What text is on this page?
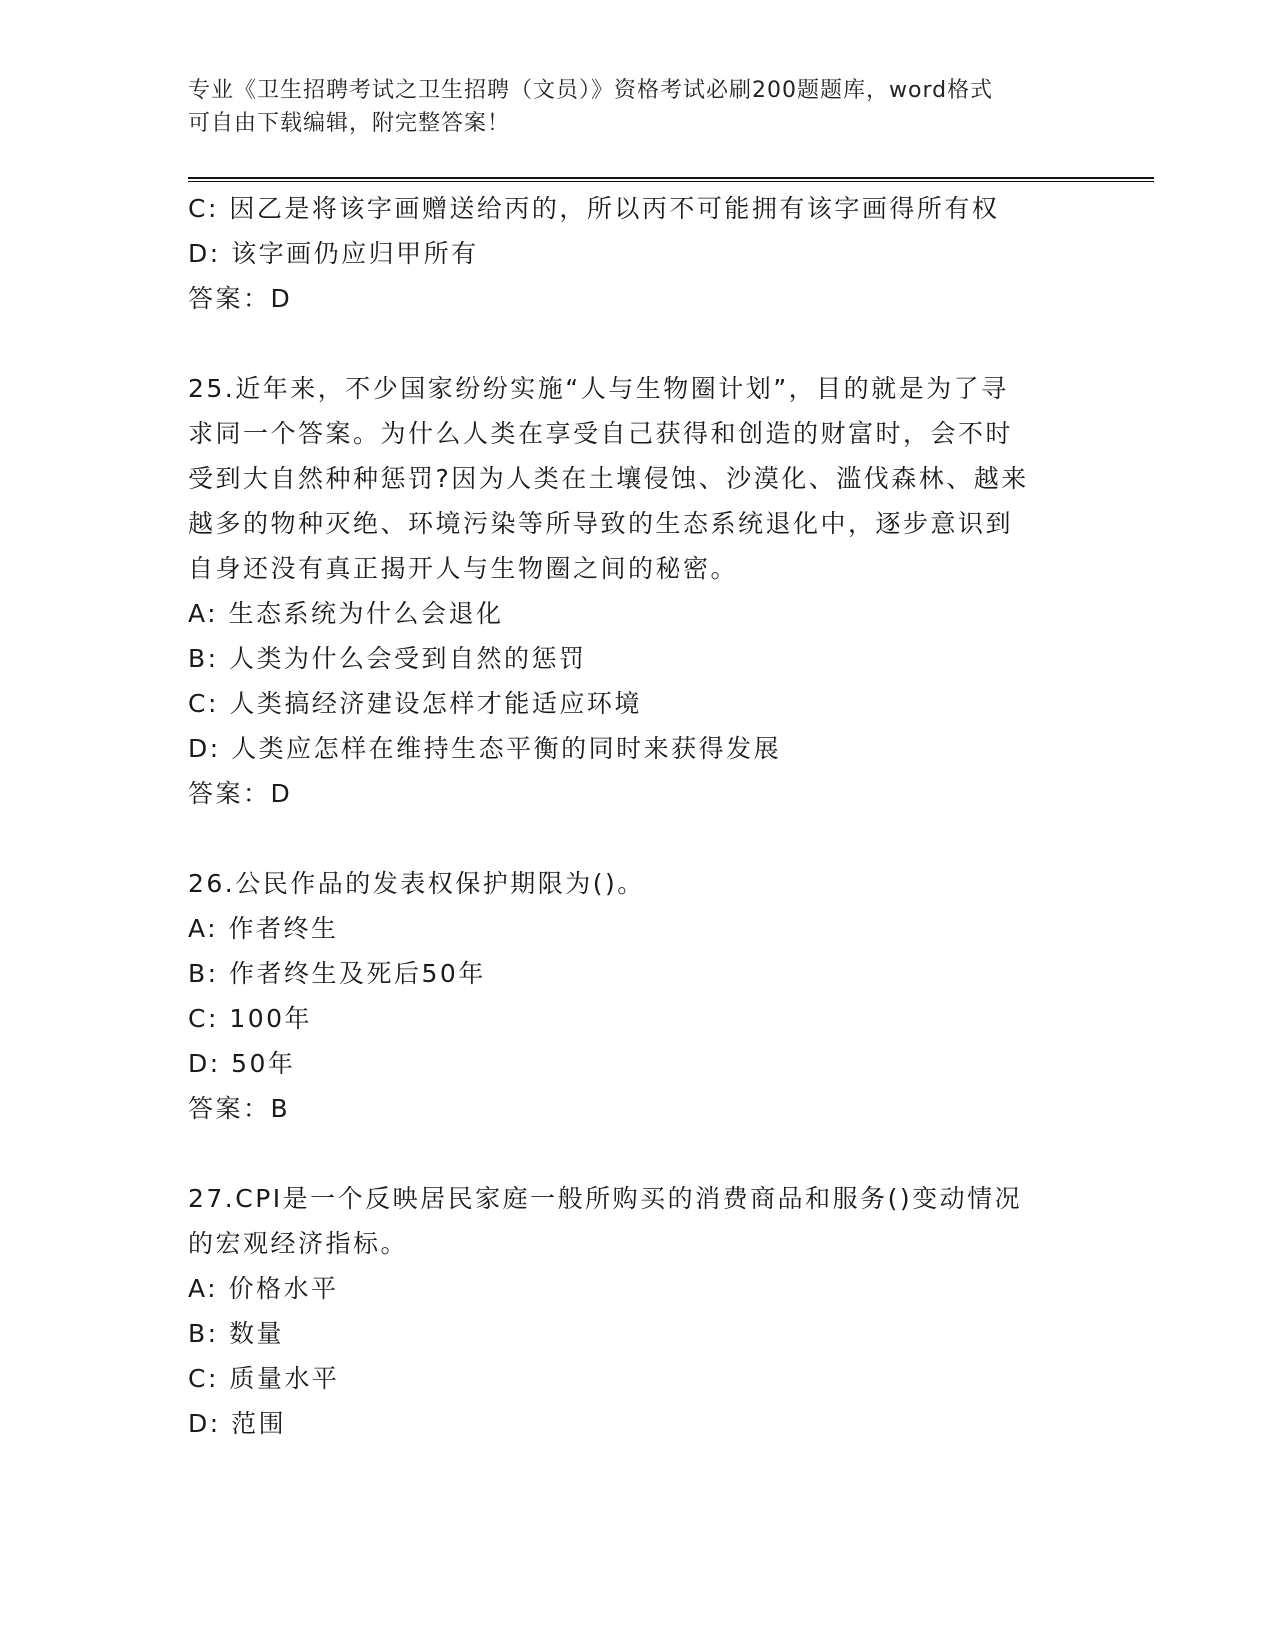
专业《卫生招聘考试之卫生招聘（文员）》资格考试必刷200题题库，word格式
可自由下载编辑，附完整答案！
C: 因乙是将该字画赠送给丙的，所以丙不可能拥有该字画得所有权
D: 该字画仍应归甲所有
答案：D
25.近年来，不少国家纷纷实施“人与生物圈计划”，目的就是为了寻
求同一个答案。为什么人类在享受自己获得和创造的财富时，会不时
受到大自然种种惩罚?因为人类在土壤侵蚀、沙漠化、滥伐森林、越来
越多的物种灭绝、环境污染等所导致的生态系统退化中，逐步意识到
自身还没有真正揭开人与生物圈之间的秘密。
A: 生态系统为什么会退化
B: 人类为什么会受到自然的惩罚
C: 人类搞经济建设怎样才能适应环境
D: 人类应怎样在维持生态平衡的同时来获得发展
答案：D
26.公民作品的发表权保护期限为()。
A: 作者终生
B: 作者终生及死后50年
C: 100年
D: 50年
答案：B
27.CPI是一个反映居民家庭一般所购买的消费商品和服务()变动情况
的宏观经济指标。
A: 价格水平
B: 数量
C: 质量水平
D: 范围
